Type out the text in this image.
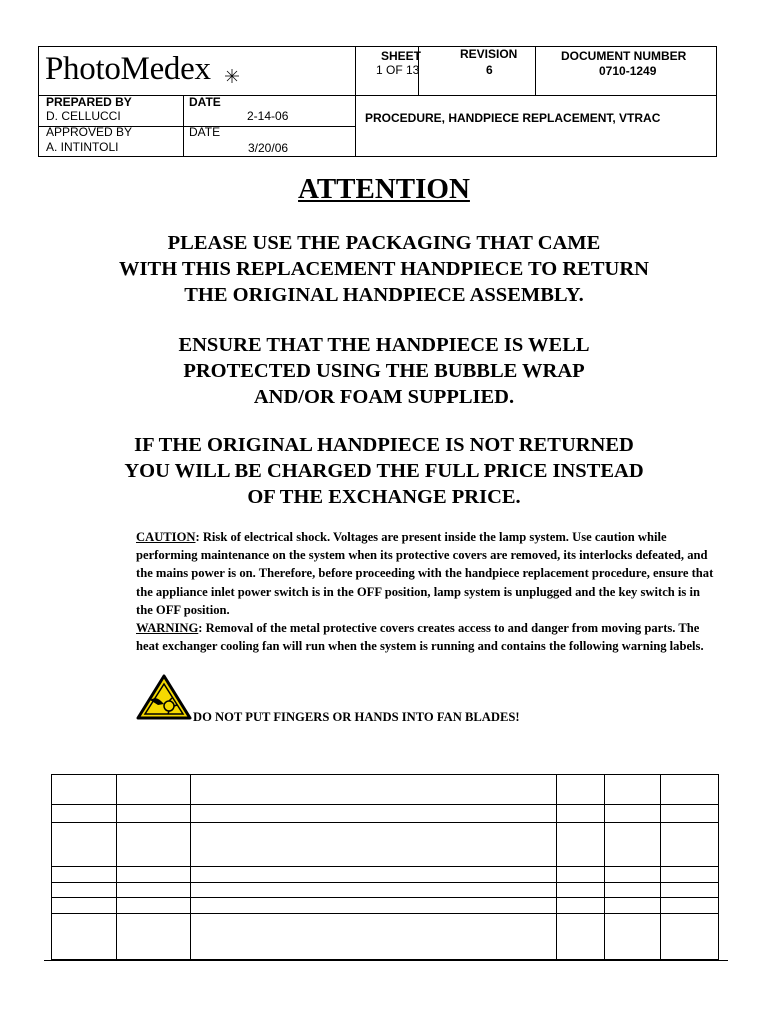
PhotoMedex	SHEET
1 OF 13
REVISION
6
DOCUMENT NUMBER
0710-1249
PREPARED BY
D. CELLUCCI
DATE
2-14-06
APPROVED BY
A. INTINTOLI
DATE
3/20/06
PROCEDURE, HANDPIECE REPLACEMENT, VTRAC
ATTENTION
PLEASE USE THE PACKAGING THAT CAME
WITH THIS REPLACEMENT HANDPIECE TO RETURN
THE ORIGINAL HANDPIECE ASSEMBLY.
ENSURE THAT THE HANDPIECE IS WELL
PROTECTED USING THE BUBBLE WRAP
AND/OR FOAM SUPPLIED.
IF THE ORIGINAL HANDPIECE IS NOT RETURNED
YOU WILL BE CHARGED THE FULL PRICE INSTEAD
OF THE EXCHANGE PRICE.
CAUTION: Risk of electrical shock. Voltages are present inside the lamp system. Use caution while performing maintenance on the system when its protective covers are removed, its interlocks defeated, and the mains power is on. Therefore, before proceeding with the handpiece replacement procedure, ensure that the appliance inlet power switch is in the OFF position, lamp system is unplugged and the key switch is in the OFF position.
WARNING: Removal of the metal protective covers creates access to and danger from moving parts. The heat exchanger cooling fan will run when the system is running and contains the following warning labels.
DO NOT PUT FINGERS OR HANDS INTO FAN BLADES!
